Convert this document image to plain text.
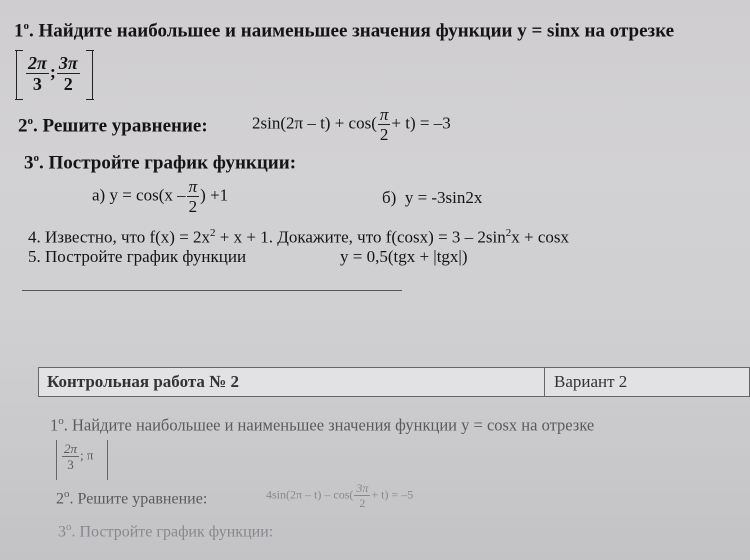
1$^o$. Найдите наибольшее и наименьшее значения функции y = sinx на отрезке
$\frac{2\pi}{3}$ ; $\frac{3\pi}{2}$
2$^o$. Решите уравнение:	$2\sin(2\pi - t) + \cos( \frac{\pi}{2} + t) = -3$
3$^o$. Постройте график функции:
а) $y = \cos(x - \frac{\pi}{2}$ ) +1	б) y = -3sin2x
4. Известно, что $f(x) = 2x^2 + x + 1$. Докажите, что $f(\cos x) = 3 - 2\sin^2x + \cos x$
5. Постройте график функции	y = 0,5(tgx + |tgx|)
Контрольная работа № 2	Вариант 2
1$^o$. Найдите наибольшее и наименьшее значения функции y = cosx на отрезке
$\frac{2\pi}{3}$ ; π
2$^o$. Решите уравнение:	$4\sin(2\pi - t) - \cos( \frac{3\pi}{2} + t) = -5$
3$^o$. Постройте график функции:
